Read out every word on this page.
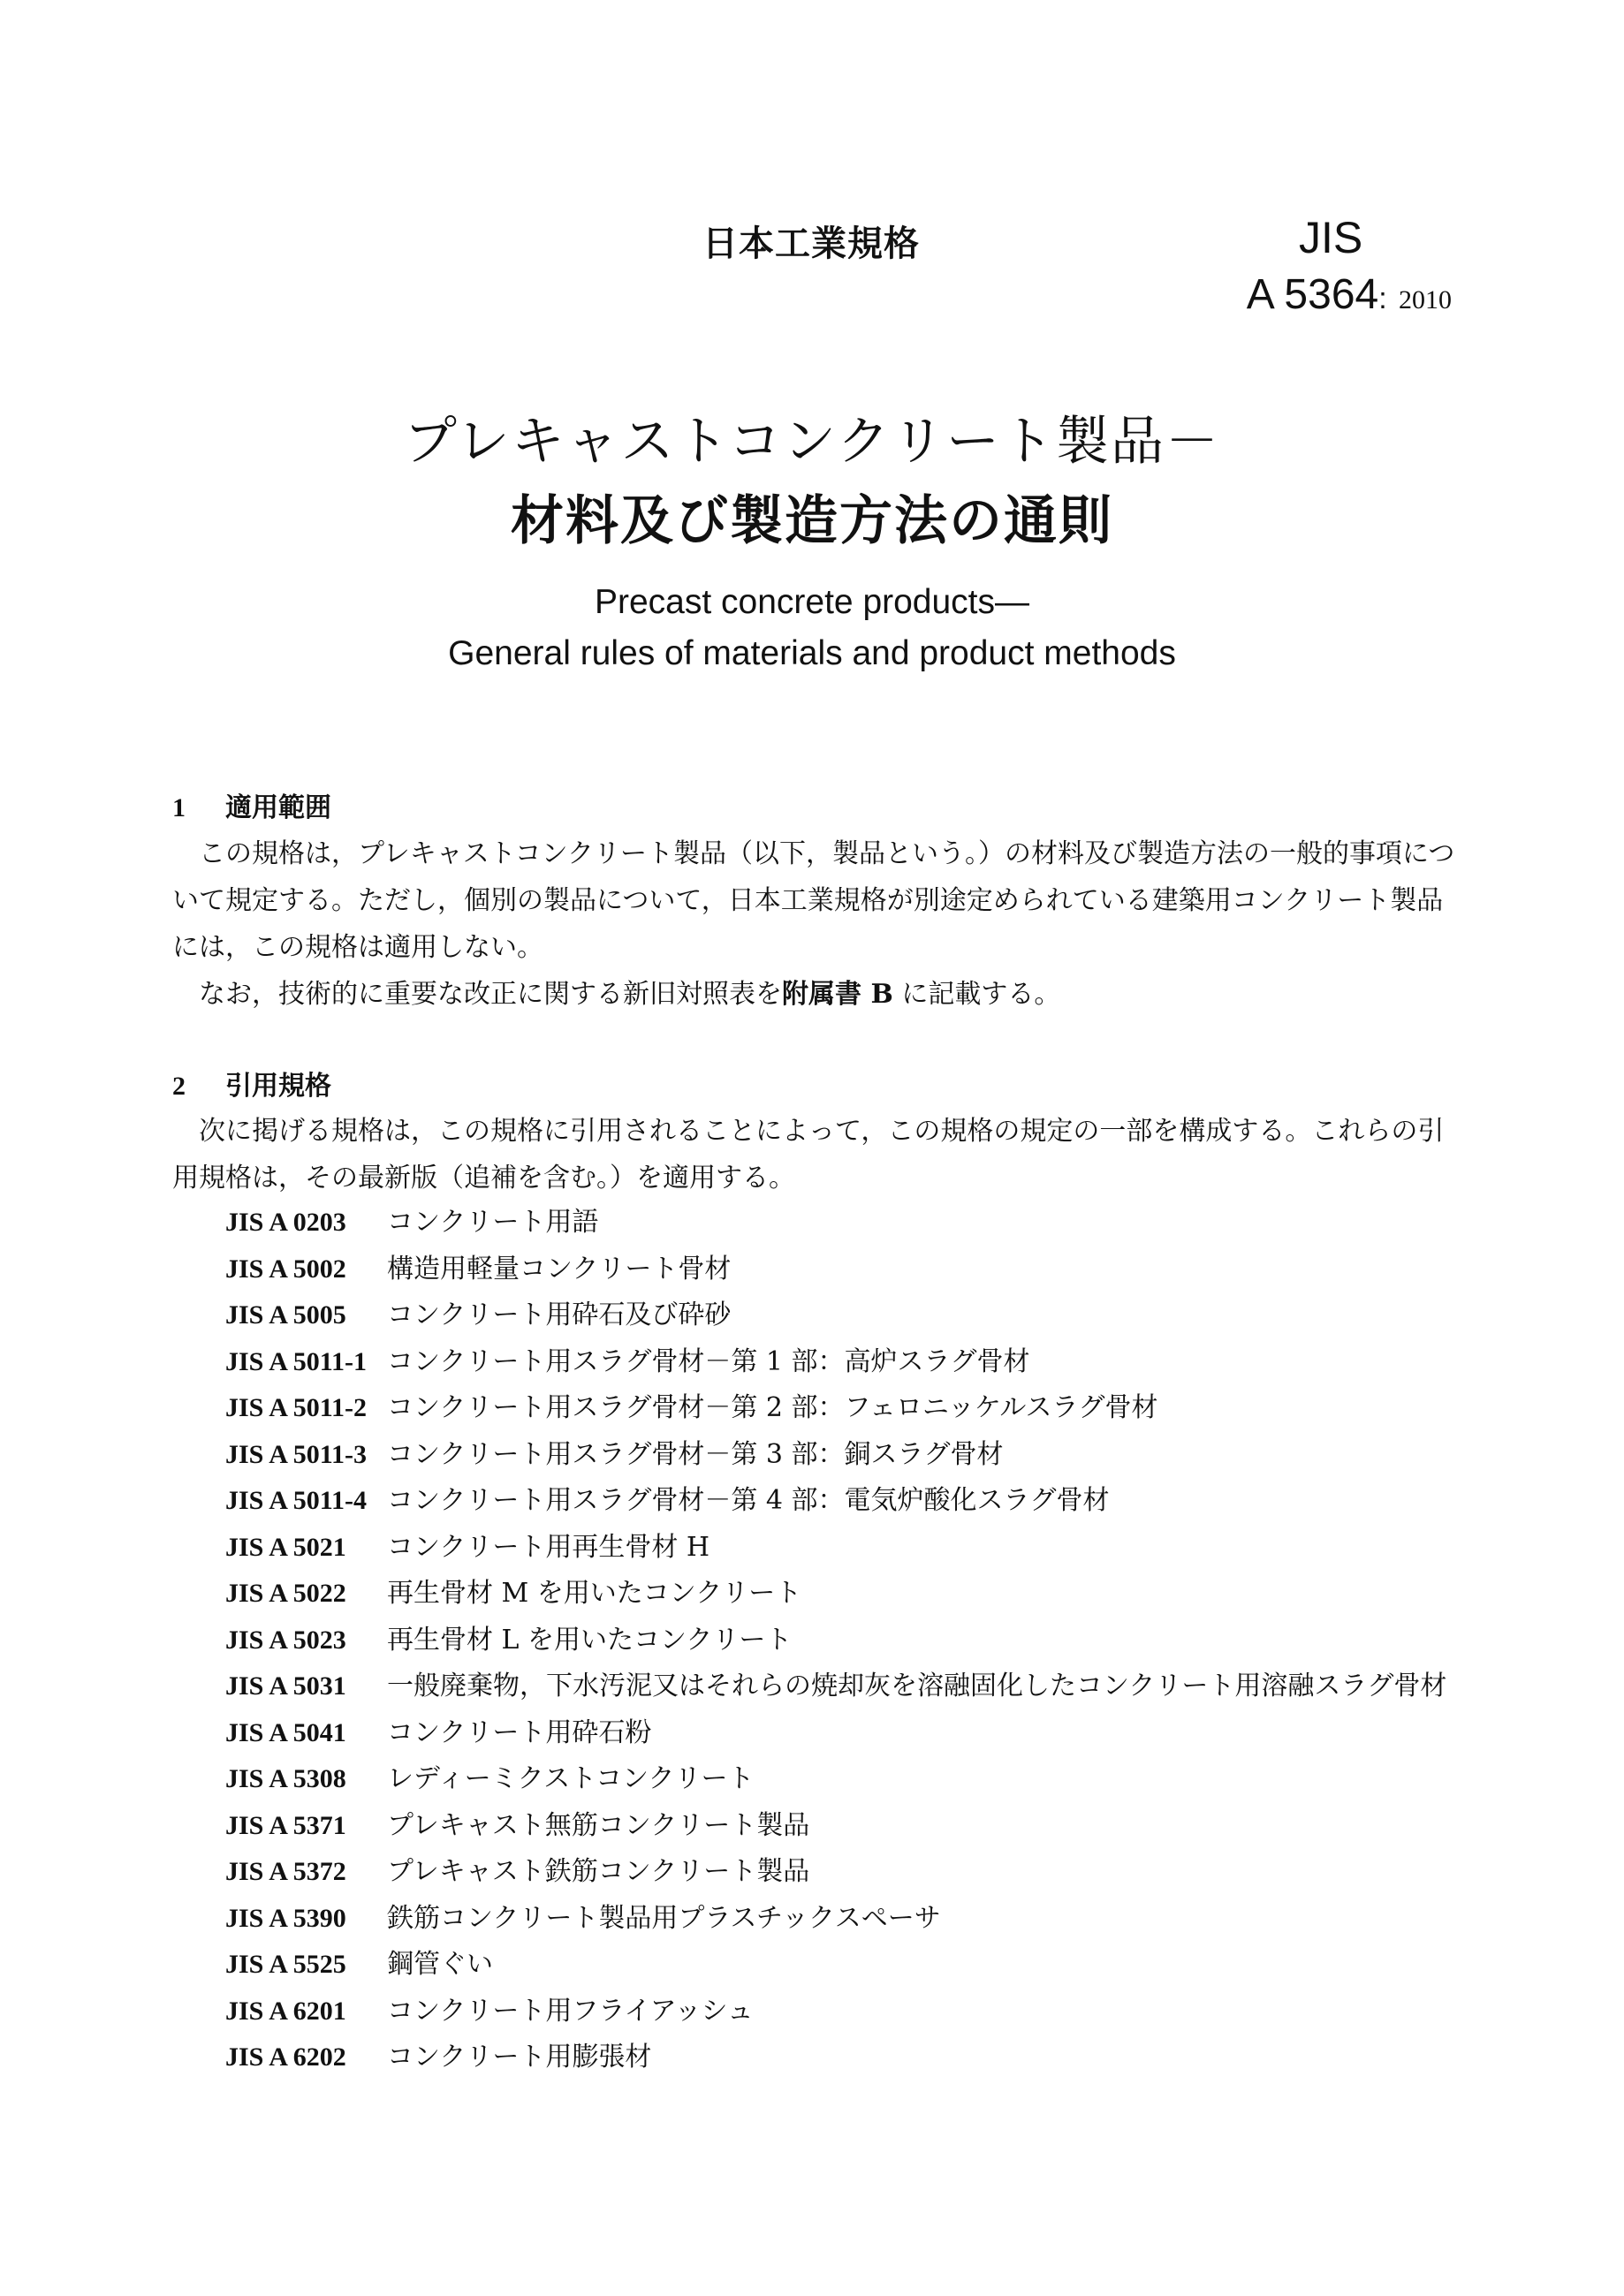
日本工業規格	JIS
A 5364: 2010
プレキャストコンクリート製品－
材料及び製造方法の通則
Precast concrete products—
General rules of materials and product methods
1 適用範囲
この規格は，プレキャストコンクリート製品（以下，製品という。）の材料及び製造方法の一般的事項について規定する。ただし，個別の製品について，日本工業規格が別途定められている建築用コンクリート製品には，この規格は適用しない。
なお，技術的に重要な改正に関する新旧対照表を附属書 B に記載する。
2 引用規格
次に掲げる規格は，この規格に引用されることによって，この規格の規定の一部を構成する。これらの引用規格は，その最新版（追補を含む。）を適用する。
JIS A 0203 コンクリート用語
JIS A 5002 構造用軽量コンクリート骨材
JIS A 5005 コンクリート用砕石及び砕砂
JIS A 5011-1 コンクリート用スラグ骨材－第 1 部：高炉スラグ骨材
JIS A 5011-2 コンクリート用スラグ骨材－第 2 部：フェロニッケルスラグ骨材
JIS A 5011-3 コンクリート用スラグ骨材－第 3 部：銅スラグ骨材
JIS A 5011-4 コンクリート用スラグ骨材－第 4 部：電気炉酸化スラグ骨材
JIS A 5021 コンクリート用再生骨材 H
JIS A 5022 再生骨材 M を用いたコンクリート
JIS A 5023 再生骨材 L を用いたコンクリート
JIS A 5031 一般廃棄物，下水汚泥又はそれらの焼却灰を溶融固化したコンクリート用溶融スラグ骨材
JIS A 5041 コンクリート用砕石粉
JIS A 5308 レディーミクストコンクリート
JIS A 5371 プレキャスト無筋コンクリート製品
JIS A 5372 プレキャスト鉄筋コンクリート製品
JIS A 5390 鉄筋コンクリート製品用プラスチックスペーサ
JIS A 5525 鋼管ぐい
JIS A 6201 コンクリート用フライアッシュ
JIS A 6202 コンクリート用膨張材
